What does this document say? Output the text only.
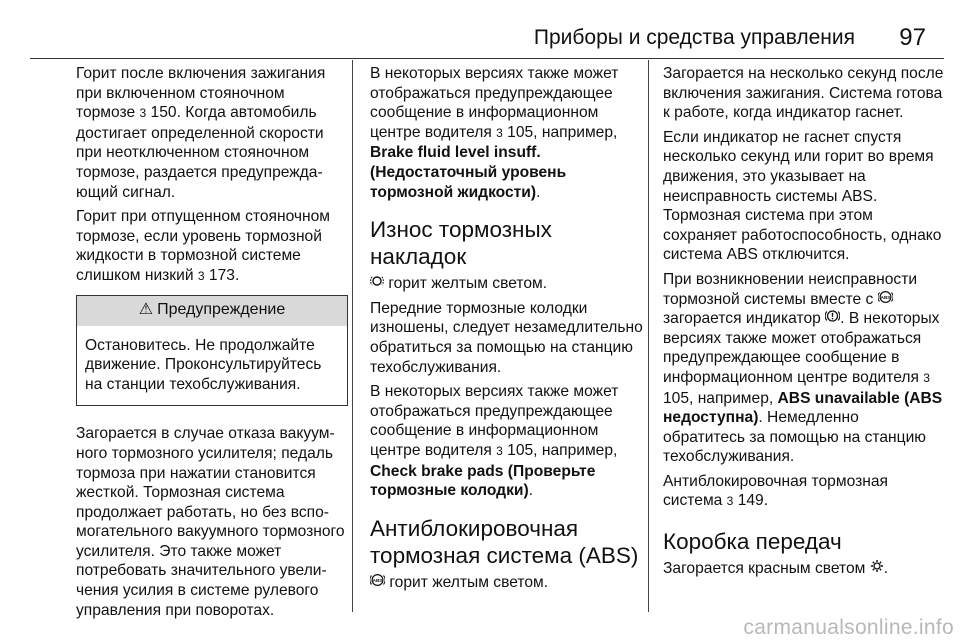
Приборы и средства управления 97

Горит после включения зажигания при включенном стояночном тормозе 3 150. Когда автомобиль достигает определенной скорости при неотключенном стояночном тормозе, раздается предупреждающий сигнал.

Горит при отпущенном стояночном тормозе, если уровень тормозной жидкости в тормозной системе слишком низкий 3 173.

⚠ Предупреждение
Остановитесь. Не продолжайте движение. Проконсультируйтесь на станции техобслуживания.

Загорается в случае отказа вакуумного тормозного усилителя; педаль тормоза при нажатии становится жесткой. Тормозная система продолжает работать, но без вспомогательного вакуумного тормозного усилителя. Это также может потребовать значительного увеличения усилия в системе рулевого управления при поворотах.

В некоторых версиях также может отображаться предупреждающее сообщение в информационном центре водителя 3 105, например, Brake fluid level insuff. (Недостаточный уровень тормозной жидкости).

Износ тормозных накладок

горит желтым светом.

Передние тормозные колодки изношены, следует незамедлительно обратиться за помощью на станцию техобслуживания.

В некоторых версиях также может отображаться предупреждающее сообщение в информационном центре водителя 3 105, например, Check brake pads (Проверьте тормозные колодки).

Антиблокировочная тормозная система (ABS)

ABS горит желтым светом.

Загорается на несколько секунд после включения зажигания. Система готова к работе, когда индикатор гаснет.

Если индикатор не гаснет спустя несколько секунд или горит во время движения, это указывает на неисправность системы ABS. Тормозная система при этом сохраняет работоспособность, однако система ABS отключится.

При возникновении неисправности тормозной системы вместе с ABS
загорается индикатор . В некоторых версиях также может отображаться предупреждающее сообщение в информационном центре водителя 3 105, например, ABS unavailable (ABS недоступна). Немедленно обратитесь за помощью на станцию техобслуживания.

Антиблокировочная тормозная система 3 149.

Коробка передач

Загорается красным светом .

carmanualsonline.info
